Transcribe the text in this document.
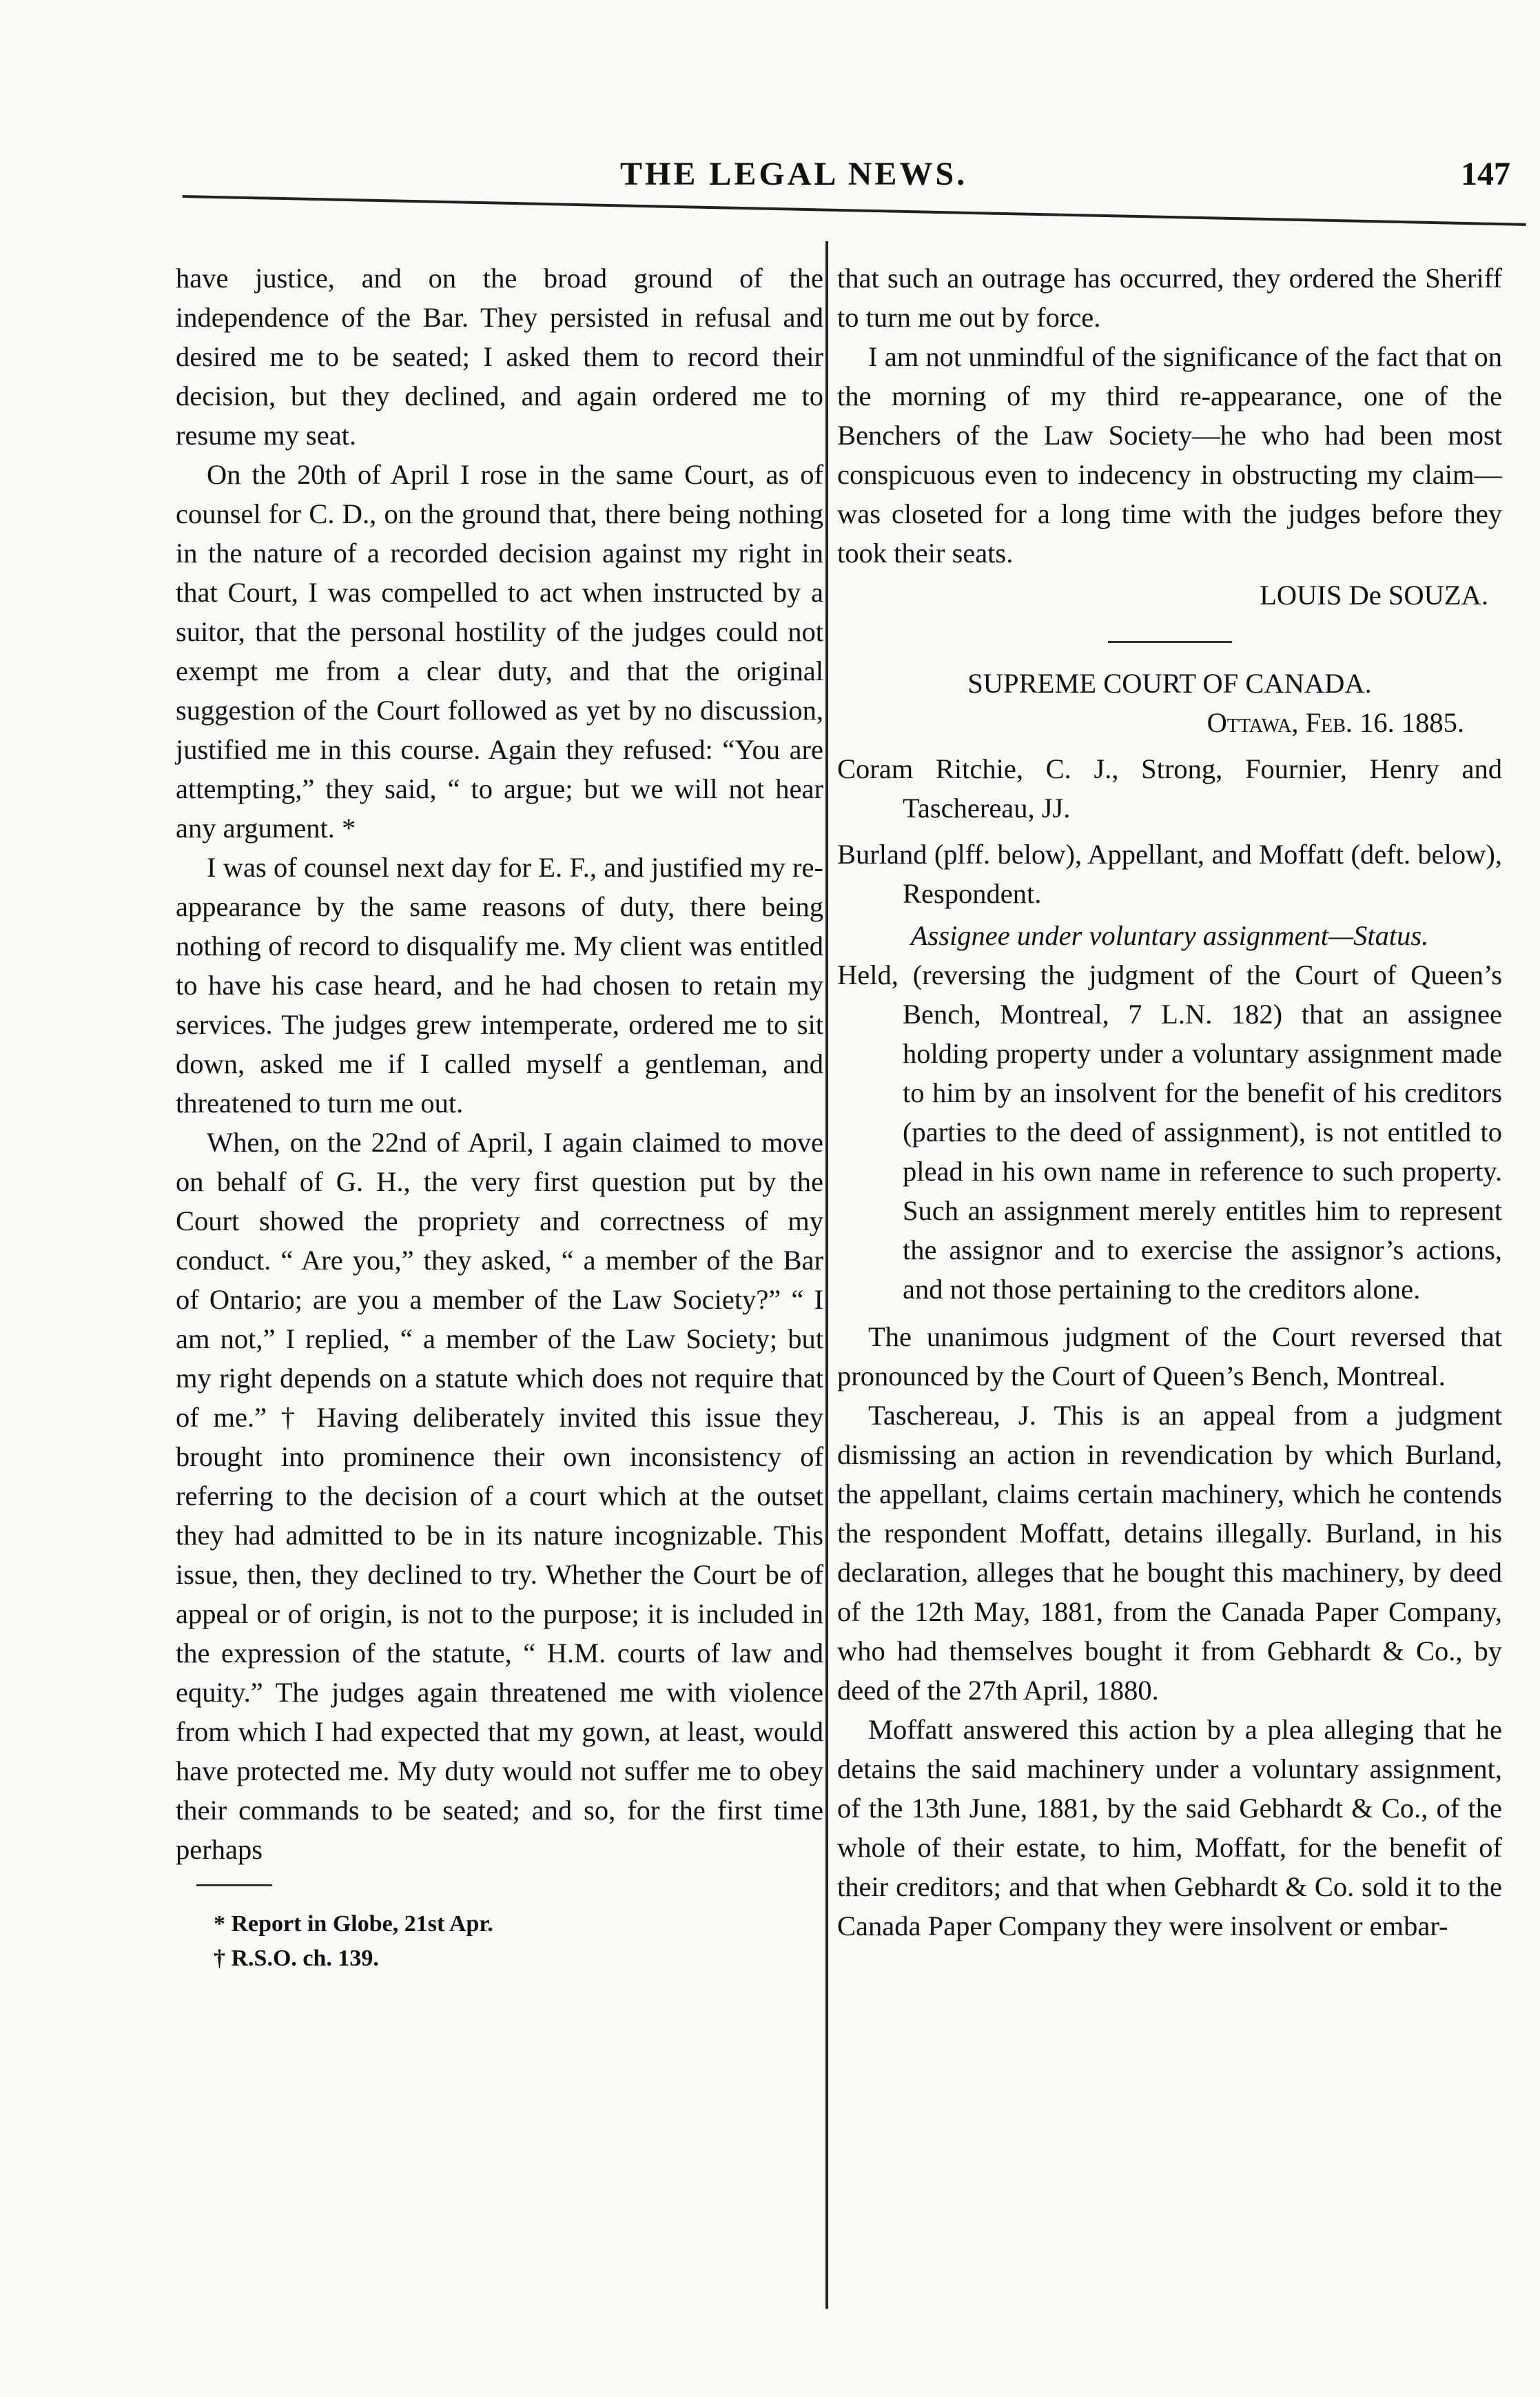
THE LEGAL NEWS.	147

have justice, and on the broad ground of the independence of the Bar. They persisted in refusal and desired me to be seated; I asked them to record their decision, but they declined, and again ordered me to resume my seat.

On the 20th of April I rose in the same Court, as of counsel for C. D., on the ground that, there being nothing in the nature of a recorded decision against my right in that Court, I was compelled to act when instructed by a suitor, that the personal hostility of the judges could not exempt me from a clear duty, and that the original suggestion of the Court followed as yet by no discussion, justified me in this course. Again they refused: “You are attempting,” they said, “ to argue; but we will not hear any argument. *

I was of counsel next day for E. F., and justified my re-appearance by the same reasons of duty, there being nothing of record to disqualify me. My client was entitled to have his case heard, and he had chosen to retain my services. The judges grew intemperate, ordered me to sit down, asked me if I called myself a gentleman, and threatened to turn me out.

When, on the 22nd of April, I again claimed to move on behalf of G. H., the very first question put by the Court showed the propriety and correctness of my conduct. “ Are you,” they asked, “ a member of the Bar of Ontario; are you a member of the Law Society?” “ I am not,” I replied, “ a member of the Law Society; but my right depends on a statute which does not require that of me.” † Having deliberately invited this issue they brought into prominence their own inconsistency of referring to the decision of a court which at the outset they had admitted to be in its nature incognizable. This issue, then, they declined to try. Whether the Court be of appeal or of origin, is not to the purpose; it is included in the expression of the statute, “ H.M. courts of law and equity.” The judges again threatened me with violence from which I had expected that my gown, at least, would have protected me. My duty would not suffer me to obey their commands to be seated; and so, for the first time perhaps

* Report in Globe, 21st Apr.
† R.S.O. ch. 139.

that such an outrage has occurred, they ordered the Sheriff to turn me out by force.

I am not unmindful of the significance of the fact that on the morning of my third re-appearance, one of the Benchers of the Law Society—he who had been most conspicuous even to indecency in obstructing my claim—was closeted for a long time with the judges before they took their seats.

LOUIS De SOUZA.

SUPREME COURT OF CANADA.

Ottawa, Feb. 16. 1885.

Coram Ritchie, C. J., Strong, Fournier, Henry and Taschereau, JJ.

Burland (plff. below), Appellant, and Moffatt (deft. below), Respondent.

Assignee under voluntary assignment—Status.

Held, (reversing the judgment of the Court of Queen’s Bench, Montreal, 7 L.N. 182) that an assignee holding property under a voluntary assignment made to him by an insolvent for the benefit of his creditors (parties to the deed of assignment), is not entitled to plead in his own name in reference to such property. Such an assignment merely entitles him to represent the assignor and to exercise the assignor’s actions, and not those pertaining to the creditors alone.

The unanimous judgment of the Court reversed that pronounced by the Court of Queen’s Bench, Montreal.

Taschereau, J. This is an appeal from a judgment dismissing an action in revendication by which Burland, the appellant, claims certain machinery, which he contends the respondent Moffatt, detains illegally. Burland, in his declaration, alleges that he bought this machinery, by deed of the 12th May, 1881, from the Canada Paper Company, who had themselves bought it from Gebhardt & Co., by deed of the 27th April, 1880.

Moffatt answered this action by a plea alleging that he detains the said machinery under a voluntary assignment, of the 13th June, 1881, by the said Gebhardt & Co., of the whole of their estate, to him, Moffatt, for the benefit of their creditors; and that when Gebhardt & Co. sold it to the Canada Paper Company they were insolvent or embar-
